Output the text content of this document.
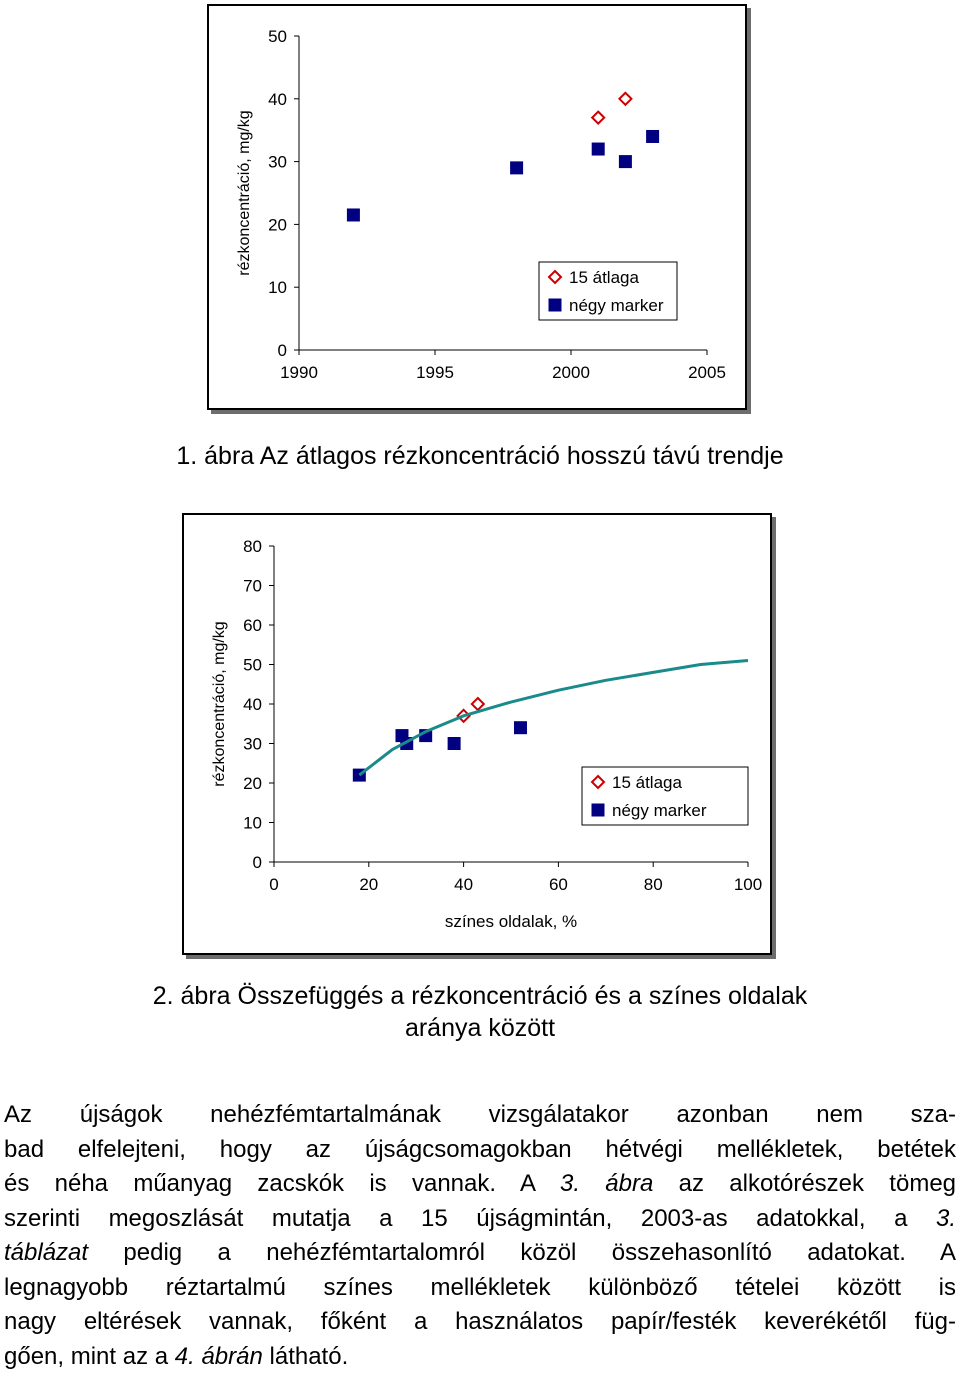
0
10
20
30
40
50
1990	1995	2000	2005
rézkoncentráció, mg/kg
15 átlaga
négy marker
1. ábra Az átlagos rézkoncentráció hosszú távú trendje
0
10
20
30
40
50
60
70
80
0	20	40	60	80	100
rézkoncentráció, mg/kg
színes oldalak, %
15 átlaga
négy marker
2. ábra Összefüggés a rézkoncentráció és a színes oldalak
aránya között
Az újságok nehézfémtartalmának vizsgálatakor azonban nem sza-
bad elfelejteni, hogy az újságcsomagokban hétvégi mellékletek, betétek
és néha műanyag zacskók is vannak. A 3. ábra az alkotórészek tömeg
szerinti megoszlását mutatja a 15 újságmintán, 2003-as adatokkal, a 3.
táblázat pedig a nehézfémtartalomról közöl összehasonlító adatokat. A
legnagyobb réztartalmú színes mellékletek különböző tételei között is
nagy eltérések vannak, főként a használatos papír/festék keverékétől füg-
gően, mint az a 4. ábrán látható.
